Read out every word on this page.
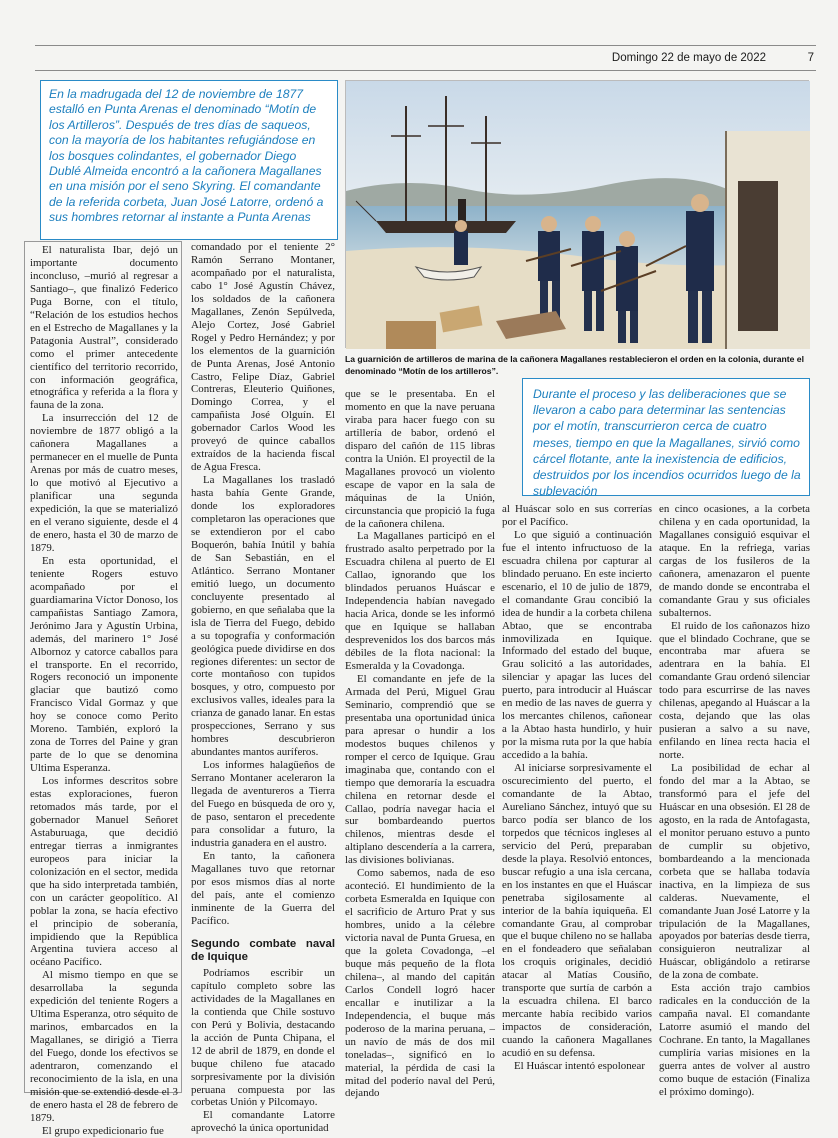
Domingo 22 de mayo de 2022	7

En la madrugada del 12 de noviembre de 1877 estalló en Punta Arenas el denominado “Motín de los Artilleros”. Después de tres días de saqueos, con la mayoría de los habitantes refugiándose en los bosques colindantes, el gobernador Diego Dublé Almeida encontró a la cañonera Magallanes en una misión por el seno Skyring. El comandante de la referida corbeta, Juan José Latorre, ordenó a sus hombres retornar al instante a Punta Arenas

La guarnición de artilleros de marina de la cañonera Magallanes restablecieron el orden en la colonia, durante el denominado “Motín de los artilleros”.

Durante el proceso y las deliberaciones que se llevaron a cabo para determinar las sentencias por el motín, transcurrieron cerca de cuatro meses, tiempo en que la Magallanes, sirvió como cárcel flotante, ante la inexistencia de edificios, destruidos por los incendios ocurridos luego de la sublevación

El naturalista Ibar, dejó un importante documento inconcluso, –murió al regresar a Santiago–, que finalizó Federico Puga Borne, con el título, “Relación de los estudios hechos en el Estrecho de Magallanes y la Patagonia Austral”, considerado como el primer antecedente científico del territorio recorrido, con información geográfica, etnográfica y referida a la flora y fauna de la zona.

La insurrección del 12 de noviembre de 1877 obligó a la cañonera Magallanes a permanecer en el muelle de Punta Arenas por más de cuatro meses, lo que motivó al Ejecutivo a planificar una segunda expedición, la que se materializó en el verano siguiente, desde el 4 de enero, hasta el 30 de marzo de 1879.

En esta oportunidad, el teniente Rogers estuvo acompañado por el guardiamarina Víctor Donoso, los campañistas Santiago Zamora, Jerónimo Jara y Agustín Urbina, además, del marinero 1° José Albornoz y catorce caballos para el transporte. En el recorrido, Rogers reconoció un imponente glaciar que bautizó como Francisco Vidal Gormaz y que hoy se conoce como Perito Moreno. También, exploró la zona de Torres del Paine y gran parte de lo que se denomina Ultima Esperanza.

Los informes descritos sobre estas exploraciones, fueron retomados más tarde, por el gobernador Manuel Señoret Astaburuaga, que decidió entregar tierras a inmigrantes europeos para iniciar la colonización en el sector, medida que ha sido interpretada también, con un carácter geopolítico. Al poblar la zona, se hacía efectivo el principio de soberanía, impidiendo que la República Argentina tuviera acceso al océano Pacífico.

Al mismo tiempo en que se desarrollaba la segunda expedición del teniente Rogers a Ultima Esperanza, otro séquito de marinos, embarcados en la Magallanes, se dirigió a Tierra del Fuego, donde los efectivos se adentraron, comenzando el reconocimiento de la isla, en una misión que se extendió desde el 3 de enero hasta el 28 de febrero de 1879.

El grupo expedicionario fue

comandado por el teniente 2° Ramón Serrano Montaner, acompañado por el naturalista, cabo 1° José Agustín Chávez, los soldados de la cañonera Magallanes, Zenón Sepúlveda, Alejo Cortez, José Gabriel Rogel y Pedro Hernández; y por los elementos de la guarnición de Punta Arenas, José Antonio Castro, Felipe Díaz, Gabriel Contreras, Eleuterio Quiñones, Domingo Correa, y el campañista José Olguín. El gobernador Carlos Wood les proveyó de quince caballos extraídos de la hacienda fiscal de Agua Fresca.

La Magallanes los trasladó hasta bahía Gente Grande, donde los exploradores completaron las operaciones que se extendieron por el cabo Boquerón, bahía Inútil y bahía de San Sebastián, en el Atlántico. Serrano Montaner emitió luego, un documento concluyente presentado al gobierno, en que señalaba que la isla de Tierra del Fuego, debido a su topografía y conformación geológica puede dividirse en dos regiones diferentes: un sector de corte montañoso con tupidos bosques, y otro, compuesto por exclusivos valles, ideales para la crianza de ganado lanar. En estas prospecciones, Serrano y sus hombres descubrieron abundantes mantos auríferos.

Los informes halagüeños de Serrano Montaner aceleraron la llegada de aventureros a Tierra del Fuego en búsqueda de oro y, de paso, sentaron el precedente para consolidar a futuro, la industria ganadera en el austro.

En tanto, la cañonera Magallanes tuvo que retornar por esos mismos días al norte del país, ante el comienzo inminente de la Guerra del Pacífico.

Segundo combate naval de Iquique

Podríamos escribir un capítulo completo sobre las actividades de la Magallanes en la contienda que Chile sostuvo con Perú y Bolivia, destacando la acción de Punta Chipana, el 12 de abril de 1879, en donde el buque chileno fue atacado sorpresivamente por la división peruana compuesta por las corbetas Unión y Pilcomayo.

El comandante Latorre aprovechó la única oportunidad

que se le presentaba. En el momento en que la nave peruana viraba para hacer fuego con su artillería de babor, ordenó el disparo del cañón de 115 libras contra la Unión. El proyectil de la Magallanes provocó un violento escape de vapor en la sala de máquinas de la Unión, circunstancia que propició la fuga de la cañonera chilena.

La Magallanes participó en el frustrado asalto perpetrado por la Escuadra chilena al puerto de El Callao, ignorando que los blindados peruanos Huáscar e Independencia habían navegado hacia Arica, donde se les informó que en Iquique se hallaban desprevenidos los dos barcos más débiles de la flota nacional: la Esmeralda y la Covadonga.

El comandante en jefe de la Armada del Perú, Miguel Grau Seminario, comprendió que se presentaba una oportunidad única para apresar o hundir a los modestos buques chilenos y romper el cerco de Iquique. Grau imaginaba que, contando con el tiempo que demoraría la escuadra chilena en retornar desde el Callao, podría navegar hacia el sur bombardeando puertos chilenos, mientras desde el altiplano descendería a la carrera, las divisiones bolivianas.

Como sabemos, nada de eso aconteció. El hundimiento de la corbeta Esmeralda en Iquique con el sacrificio de Arturo Prat y sus hombres, unido a la célebre victoria naval de Punta Gruesa, en que la goleta Covadonga, –el buque más pequeño de la flota chilena–, al mando del capitán Carlos Condell logró hacer encallar e inutilizar a la Independencia, el buque más poderoso de la marina peruana, –un navío de más de dos mil toneladas–, significó en lo material, la pérdida de casi la mitad del poderío naval del Perú, dejando

al Huáscar solo en sus correrías por el Pacífico.

Lo que siguió a continuación fue el intento infructuoso de la escuadra chilena por capturar al blindado peruano. En este incierto escenario, el 10 de julio de 1879, el comandante Grau concibió la idea de hundir a la corbeta chilena Abtao, que se encontraba inmovilizada en Iquique. Informado del estado del buque, Grau solicitó a las autoridades, silenciar y apagar las luces del puerto, para introducir al Huáscar en medio de las naves de guerra y los mercantes chilenos, cañonear a la Abtao hasta hundirlo, y huir por la misma ruta por la que había accedido a la bahía.

Al iniciarse sorpresivamente el oscurecimiento del puerto, el comandante de la Abtao, Aureliano Sánchez, intuyó que su barco podía ser blanco de los torpedos que técnicos ingleses al servicio del Perú, preparaban desde la playa. Resolvió entonces, buscar refugio a una isla cercana, en los instantes en que el Huáscar penetraba sigilosamente al interior de la bahía iquiqueña. El comandante Grau, al comprobar que el buque chileno no se hallaba en el fondeadero que señalaban los croquis originales, decidió atacar al Matías Cousiño, transporte que surtía de carbón a la escuadra chilena. El barco mercante había recibido varios impactos de consideración, cuando la cañonera Magallanes acudió en su defensa.

El Huáscar intentó espolonear

en cinco ocasiones, a la corbeta chilena y en cada oportunidad, la Magallanes consiguió esquivar el ataque. En la refriega, varias cargas de los fusileros de la cañonera, amenazaron el puente de mando donde se encontraba el comandante Grau y sus oficiales subalternos.

El ruido de los cañonazos hizo que el blindado Cochrane, que se encontraba mar afuera se adentrara en la bahía. El comandante Grau ordenó silenciar todo para escurrirse de las naves chilenas, apegando al Huáscar a la costa, dejando que las olas pusieran a salvo a su nave, enfilando en línea recta hacia el norte.

La posibilidad de echar al fondo del mar a la Abtao, se transformó para el jefe del Huáscar en una obsesión. El 28 de agosto, en la rada de Antofagasta, el monitor peruano estuvo a punto de cumplir su objetivo, bombardeando a la mencionada corbeta que se hallaba todavía inactiva, en la limpieza de sus calderas. Nuevamente, el comandante Juan José Latorre y la tripulación de la Magallanes, apoyados por baterías desde tierra, consiguieron neutralizar al Huáscar, obligándolo a retirarse de la zona de combate.

Esta acción trajo cambios radicales en la conducción de la campaña naval. El comandante Latorre asumió el mando del Cochrane. En tanto, la Magallanes cumpliría varias misiones en la guerra antes de volver al austro como buque de estación (Finaliza el próximo domingo).
